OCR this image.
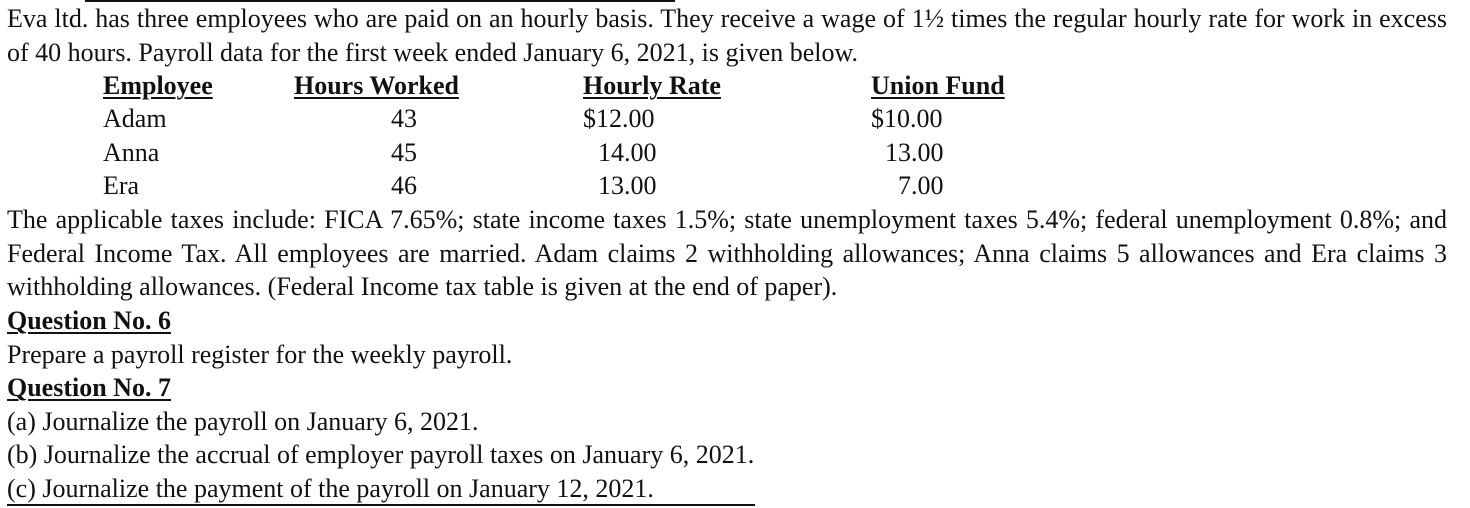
Eva ltd. has three employees who are paid on an hourly basis. They receive a wage of 1½ times the regular hourly rate for work in excess of 40 hours. Payroll data for the first week ended January 6, 2021, is given below.

Employee	Hours Worked	Hourly Rate	Union Fund
Adam	43	$12.00	$10.00
Anna	45	14.00	13.00
Era	46	13.00	7.00

The applicable taxes include: FICA 7.65%; state income taxes 1.5%; state unemployment taxes 5.4%; federal unemployment 0.8%; and Federal Income Tax. All employees are married. Adam claims 2 withholding allowances; Anna claims 5 allowances and Era claims 3 withholding allowances. (Federal Income tax table is given at the end of paper).

Question No. 6

Prepare a payroll register for the weekly payroll.

Question No. 7

(a) Journalize the payroll on January 6, 2021.

(b) Journalize the accrual of employer payroll taxes on January 6, 2021.

(c) Journalize the payment of the payroll on January 12, 2021.
